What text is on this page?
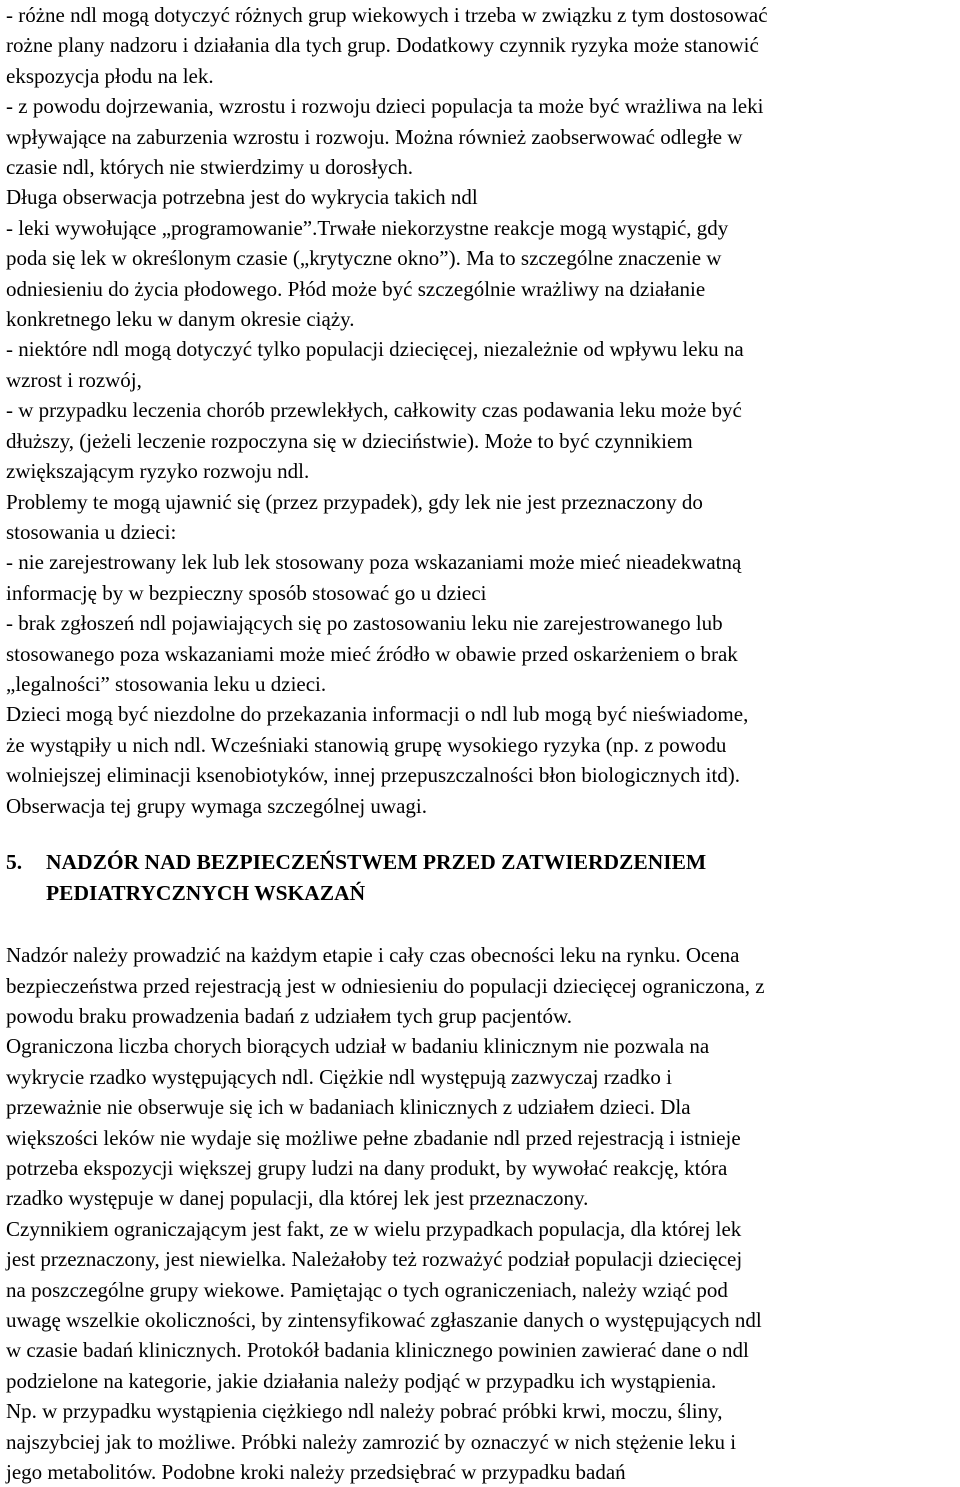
- różne ndl mogą dotyczyć różnych grup wiekowych i trzeba w związku z tym dostosować
rożne plany nadzoru i działania dla tych grup. Dodatkowy czynnik ryzyka może stanowić
ekspozycja płodu na lek.
- z powodu dojrzewania, wzrostu i rozwoju dzieci populacja ta może być wrażliwa na leki
wpływające na zaburzenia wzrostu i rozwoju. Można również zaobserwować odległe w
czasie ndl, których nie stwierdzimy u dorosłych.
Długa obserwacja potrzebna jest do wykrycia takich ndl
- leki wywołujące „programowanie”.Trwałe niekorzystne reakcje mogą wystąpić, gdy
poda się lek w określonym czasie („krytyczne okno”). Ma to szczególne znaczenie w
odniesieniu do życia płodowego. Płód może być szczególnie wrażliwy na działanie
konkretnego leku w danym okresie ciąży.
- niektóre ndl mogą dotyczyć tylko populacji dziecięcej, niezależnie od wpływu leku na
wzrost i rozwój,
- w przypadku leczenia chorób przewlekłych, całkowity czas podawania leku może być
dłuższy, (jeżeli leczenie rozpoczyna się w dzieciństwie). Może to być czynnikiem
zwiększającym ryzyko rozwoju ndl.
Problemy te mogą ujawnić się (przez przypadek), gdy lek nie jest przeznaczony do
stosowania u dzieci:
- nie zarejestrowany lek lub lek stosowany poza wskazaniami może mieć nieadekwatną
informację by w bezpieczny sposób stosować go u dzieci
- brak zgłoszeń ndl pojawiających się po zastosowaniu leku nie zarejestrowanego lub
stosowanego poza wskazaniami może mieć źródło w obawie przed oskarżeniem o brak
„legalności” stosowania leku u dzieci.
Dzieci mogą być niezdolne do przekazania informacji o ndl lub mogą być nieświadome,
że wystąpiły u nich ndl. Wcześniaki stanowią grupę wysokiego ryzyka (np. z powodu
wolniejszej eliminacji ksenobiotyków, innej przepuszczalności błon biologicznych itd).
Obserwacja tej grupy wymaga szczególnej uwagi.
5.	NADZÓR NAD BEZPIECZEŃSTWEM PRZED ZATWIERDZENIEM
PEDIATRYCZNYCH WSKAZAŃ
Nadzór należy prowadzić na każdym etapie i cały czas obecności leku na rynku. Ocena
bezpieczeństwa przed rejestracją jest w odniesieniu do populacji dziecięcej ograniczona, z
powodu braku prowadzenia badań z udziałem tych grup pacjentów.
Ograniczona liczba chorych biorących udział w badaniu klinicznym nie pozwala na
wykrycie rzadko występujących ndl. Ciężkie ndl występują zazwyczaj rzadko i
przeważnie nie obserwuje się ich w badaniach klinicznych z udziałem dzieci. Dla
większości leków nie wydaje się możliwe pełne zbadanie ndl przed rejestracją i istnieje
potrzeba ekspozycji większej grupy ludzi na dany produkt, by wywołać reakcję, która
rzadko występuje w danej populacji, dla której lek jest przeznaczony.
Czynnikiem ograniczającym jest fakt, ze w wielu przypadkach populacja, dla której lek
jest przeznaczony, jest niewielka. Należałoby też rozważyć podział populacji dziecięcej
na poszczególne grupy wiekowe. Pamiętając o tych ograniczeniach, należy wziąć pod
uwagę wszelkie okoliczności, by zintensyfikować zgłaszanie danych o występujących ndl
w czasie badań klinicznych. Protokół badania klinicznego powinien zawierać dane o ndl
podzielone na kategorie, jakie działania należy podjąć w przypadku ich wystąpienia.
Np. w przypadku wystąpienia ciężkiego ndl należy pobrać próbki krwi, moczu, śliny,
najszybciej jak to możliwe. Próbki należy zamrozić by oznaczyć w nich stężenie leku i
jego metabolitów. Podobne kroki należy przedsiębrać w przypadku badań
